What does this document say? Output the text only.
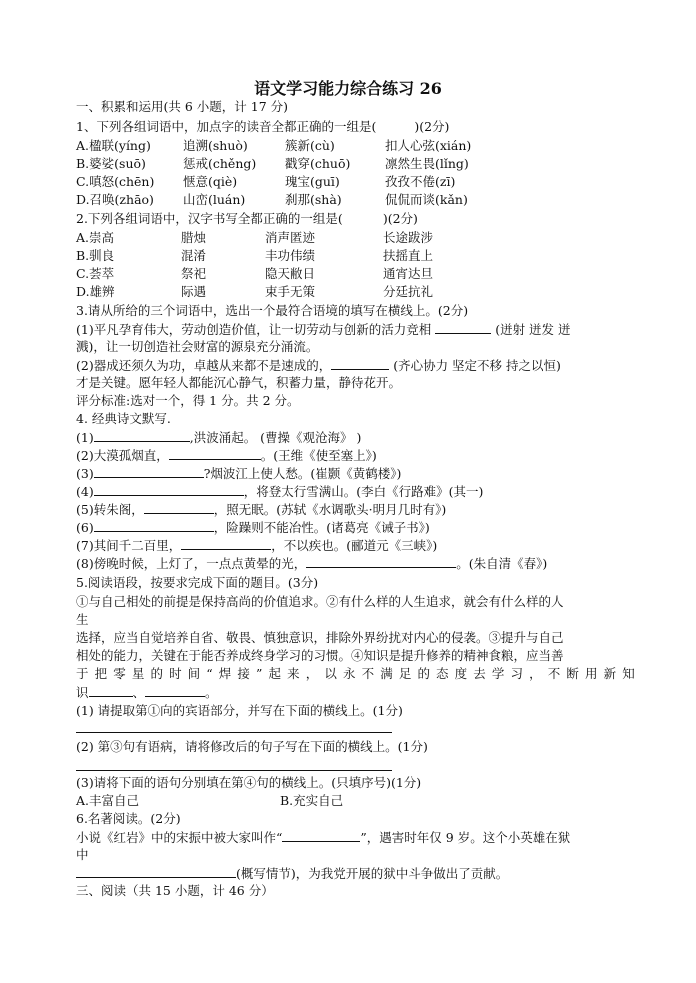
语文学习能力综合练习 26
一、积累和运用(共 6 小题，计 17 分)
1、下列各组词语中，加点字的读音全都正确的一组是(	)(2分)
A.楹联(yíng)	追溯(shuò)	簇新(cù)	扣人心弦(xián)
B.婆娑(suō)	惩戒(chěng) 戳穿(chuō)	凛然生畏(lǐng)
C.嗔怒(chēn) 惬意(qiè)	瑰宝(guī)	孜孜不倦(zī)
D.召唤(zhāo) 山峦(luán)	刹那(shà)	侃侃而谈(kǎn)
2.下列各组词语中，汉字书写全都正确的一组是(	)(2分)
A.崇高	腊烛	消声匿迹	长途跋涉
B.驯良	混淆	丰功伟绩	扶摇直上
C.荟萃	祭祀	隐天敝日	通宵达旦
D.雄辨	际遇	束手无策	分廷抗礼
3.请从所给的三个词语中，选出一个最符合语境的填写在横线上。(2分)
(1)平凡孕育伟大，劳动创造价值，让一切劳动与创新的活力竞相	(迸射 迸发 迸
溅)，让一切创造社会财富的源泉充分涌流。
(2)器成还须久为功，卓越从来都不是速成的，	(齐心协力 坚定不移 持之以恒)
才是关键。愿年轻人都能沉心静气，积蓄力量，静待花开。
评分标准:选对一个，得 1 分。共 2 分。
4. 经典诗文默写.
(1)	,洪波涌起。 (曹操《观沧海》 )
(2)大漠孤烟直，	。(王维《使至塞上》)
(3)	?烟波江上使人愁。(崔颢《黄鹤楼》)
(4)	，将登太行雪满山。(李白《行路难》(其一)
(5)转朱阁，	，照无眠。(苏轼《水调歌头·明月几时有》)
(6)	，险躁则不能冶性。(诸葛亮《诫子书》)
(7)其间千二百里，	，不以疾也。(郦道元《三峡》)
(8)傍晚时候，上灯了，一点点黄晕的光，	。(朱自清《春》)
5.阅读语段，按要求完成下面的题目。(3分)
①与自己相处的前提是保持高尚的价值追求。②有什么样的人生追求，就会有什么样的人
生
选择，应当自觉培养自省、敬畏、慎独意识，排除外界纷扰对内心的侵袭。③提升与自己
相处的能力，关键在于能否养成终身学习的习惯。④知识是提升修养的精神食粮，应当善
于把零星的时间“焊接”起来，以永不满足的态度去学习，不断用新知
识	、	。
(1) 请提取第①向的宾语部分，并写在下面的横线上。(1分)
(2) 第③句有语病，请将修改后的句子写在下面的横线上。(1分)
(3)请将下面的语句分别填在第④句的横线上。(只填序号)(1分)
A.丰富自己	B.充实自己
6.名著阅读。(2分)
小说《红岩》中的宋振中被大家叫作“	”，遇害时年仅 9 岁。这个小英雄在狱
中
(概写情节)，为我党开展的狱中斗争做出了贡献。
三、阅读（共 15 小题，计 46 分）
